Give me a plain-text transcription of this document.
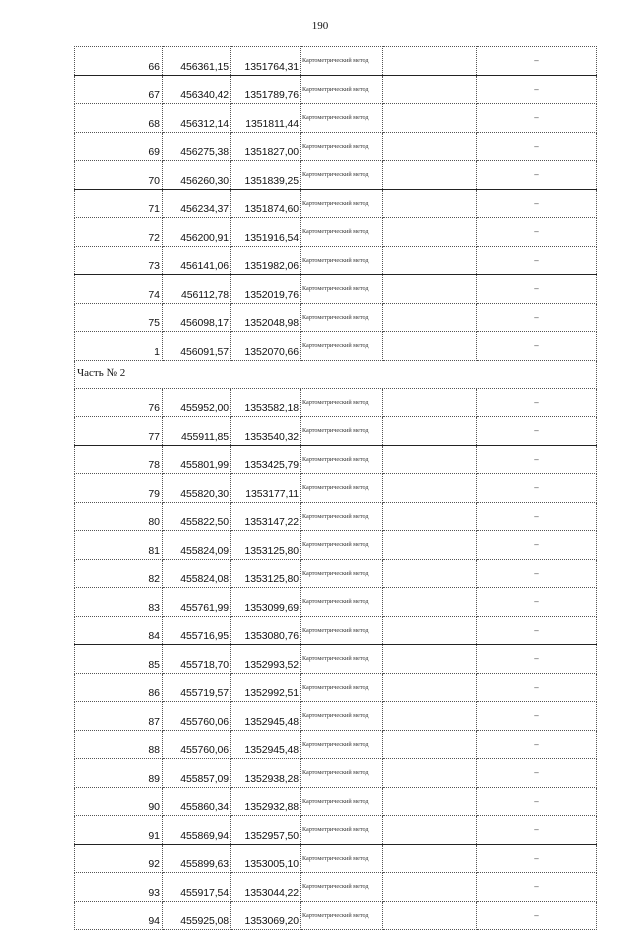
190
66	456361,15	1351764,31	Картометрический метод		–
67	456340,42	1351789,76	Картометрический метод		–
68	456312,14	1351811,44	Картометрический метод		–
69	456275,38	1351827,00	Картометрический метод		–
70	456260,30	1351839,25	Картометрический метод		–
71	456234,37	1351874,60	Картометрический метод		–
72	456200,91	1351916,54	Картометрический метод		–
73	456141,06	1351982,06	Картометрический метод		–
74	456112,78	1352019,76	Картометрический метод		–
75	456098,17	1352048,98	Картометрический метод		–
1	456091,57	1352070,66	Картометрический метод		–
Часть № 2					
76	455952,00	1353582,18	Картометрический метод		–
77	455911,85	1353540,32	Картометрический метод		–
78	455801,99	1353425,79	Картометрический метод		–
79	455820,30	1353177,11	Картометрический метод		–
80	455822,50	1353147,22	Картометрический метод		–
81	455824,09	1353125,80	Картометрический метод		–
82	455824,08	1353125,80	Картометрический метод		–
83	455761,99	1353099,69	Картометрический метод		–
84	455716,95	1353080,76	Картометрический метод		–
85	455718,70	1352993,52	Картометрический метод		–
86	455719,57	1352992,51	Картометрический метод		–
87	455760,06	1352945,48	Картометрический метод		–
88	455760,06	1352945,48	Картометрический метод		–
89	455857,09	1352938,28	Картометрический метод		–
90	455860,34	1352932,88	Картометрический метод		–
91	455869,94	1352957,50	Картометрический метод		–
92	455899,63	1353005,10	Картометрический метод		–
93	455917,54	1353044,22	Картометрический метод		–
94	455925,08	1353069,20	Картометрический метод		–
